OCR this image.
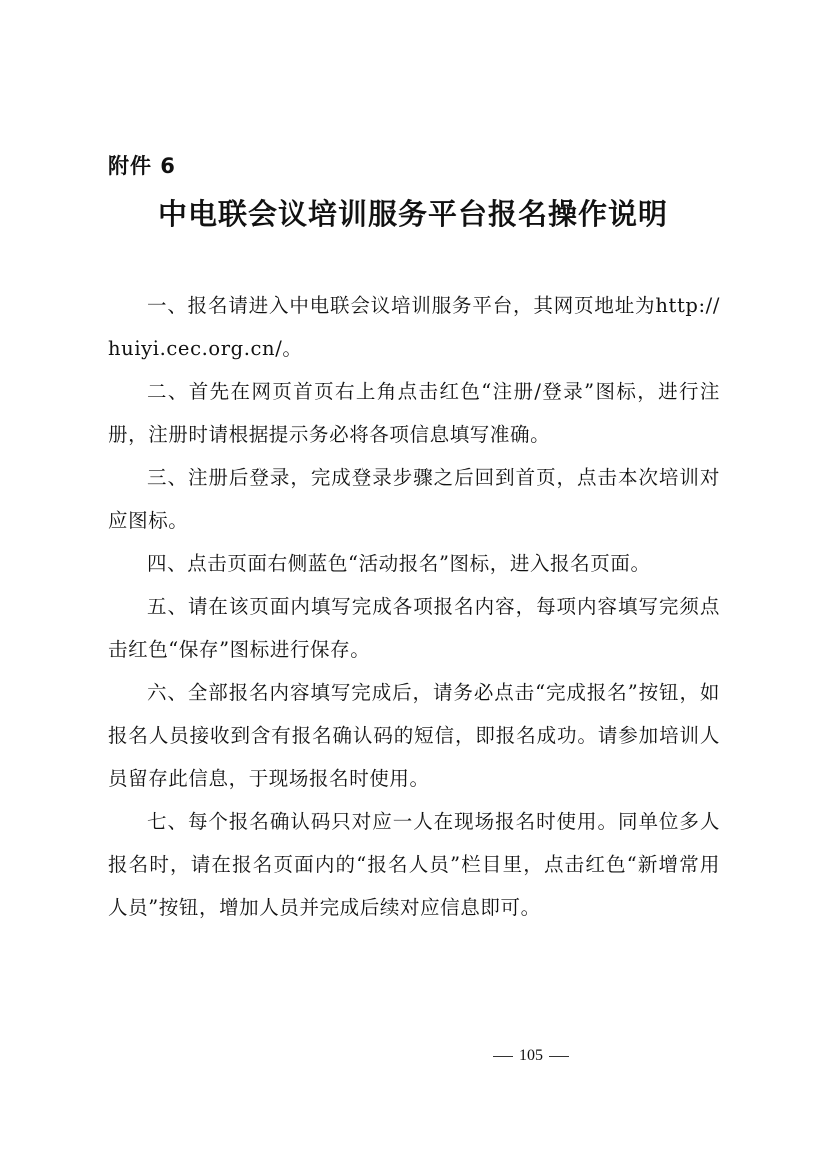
附件 6
中电联会议培训服务平台报名操作说明

一、报名请进入中电联会议培训服务平台，其网页地址为http://huiyi.cec.org.cn/。

二、首先在网页首页右上角点击红色“注册/登录”图标，进行注册，注册时请根据提示务必将各项信息填写准确。

三、注册后登录，完成登录步骤之后回到首页，点击本次培训对应图标。

四、点击页面右侧蓝色“活动报名”图标，进入报名页面。

五、请在该页面内填写完成各项报名内容，每项内容填写完须点击红色“保存”图标进行保存。

六、全部报名内容填写完成后，请务必点击“完成报名”按钮，如报名人员接收到含有报名确认码的短信，即报名成功。请参加培训人员留存此信息，于现场报名时使用。

七、每个报名确认码只对应一人在现场报名时使用。同单位多人报名时，请在报名页面内的“报名人员”栏目里，点击红色“新增常用人员”按钮，增加人员并完成后续对应信息即可。

105
